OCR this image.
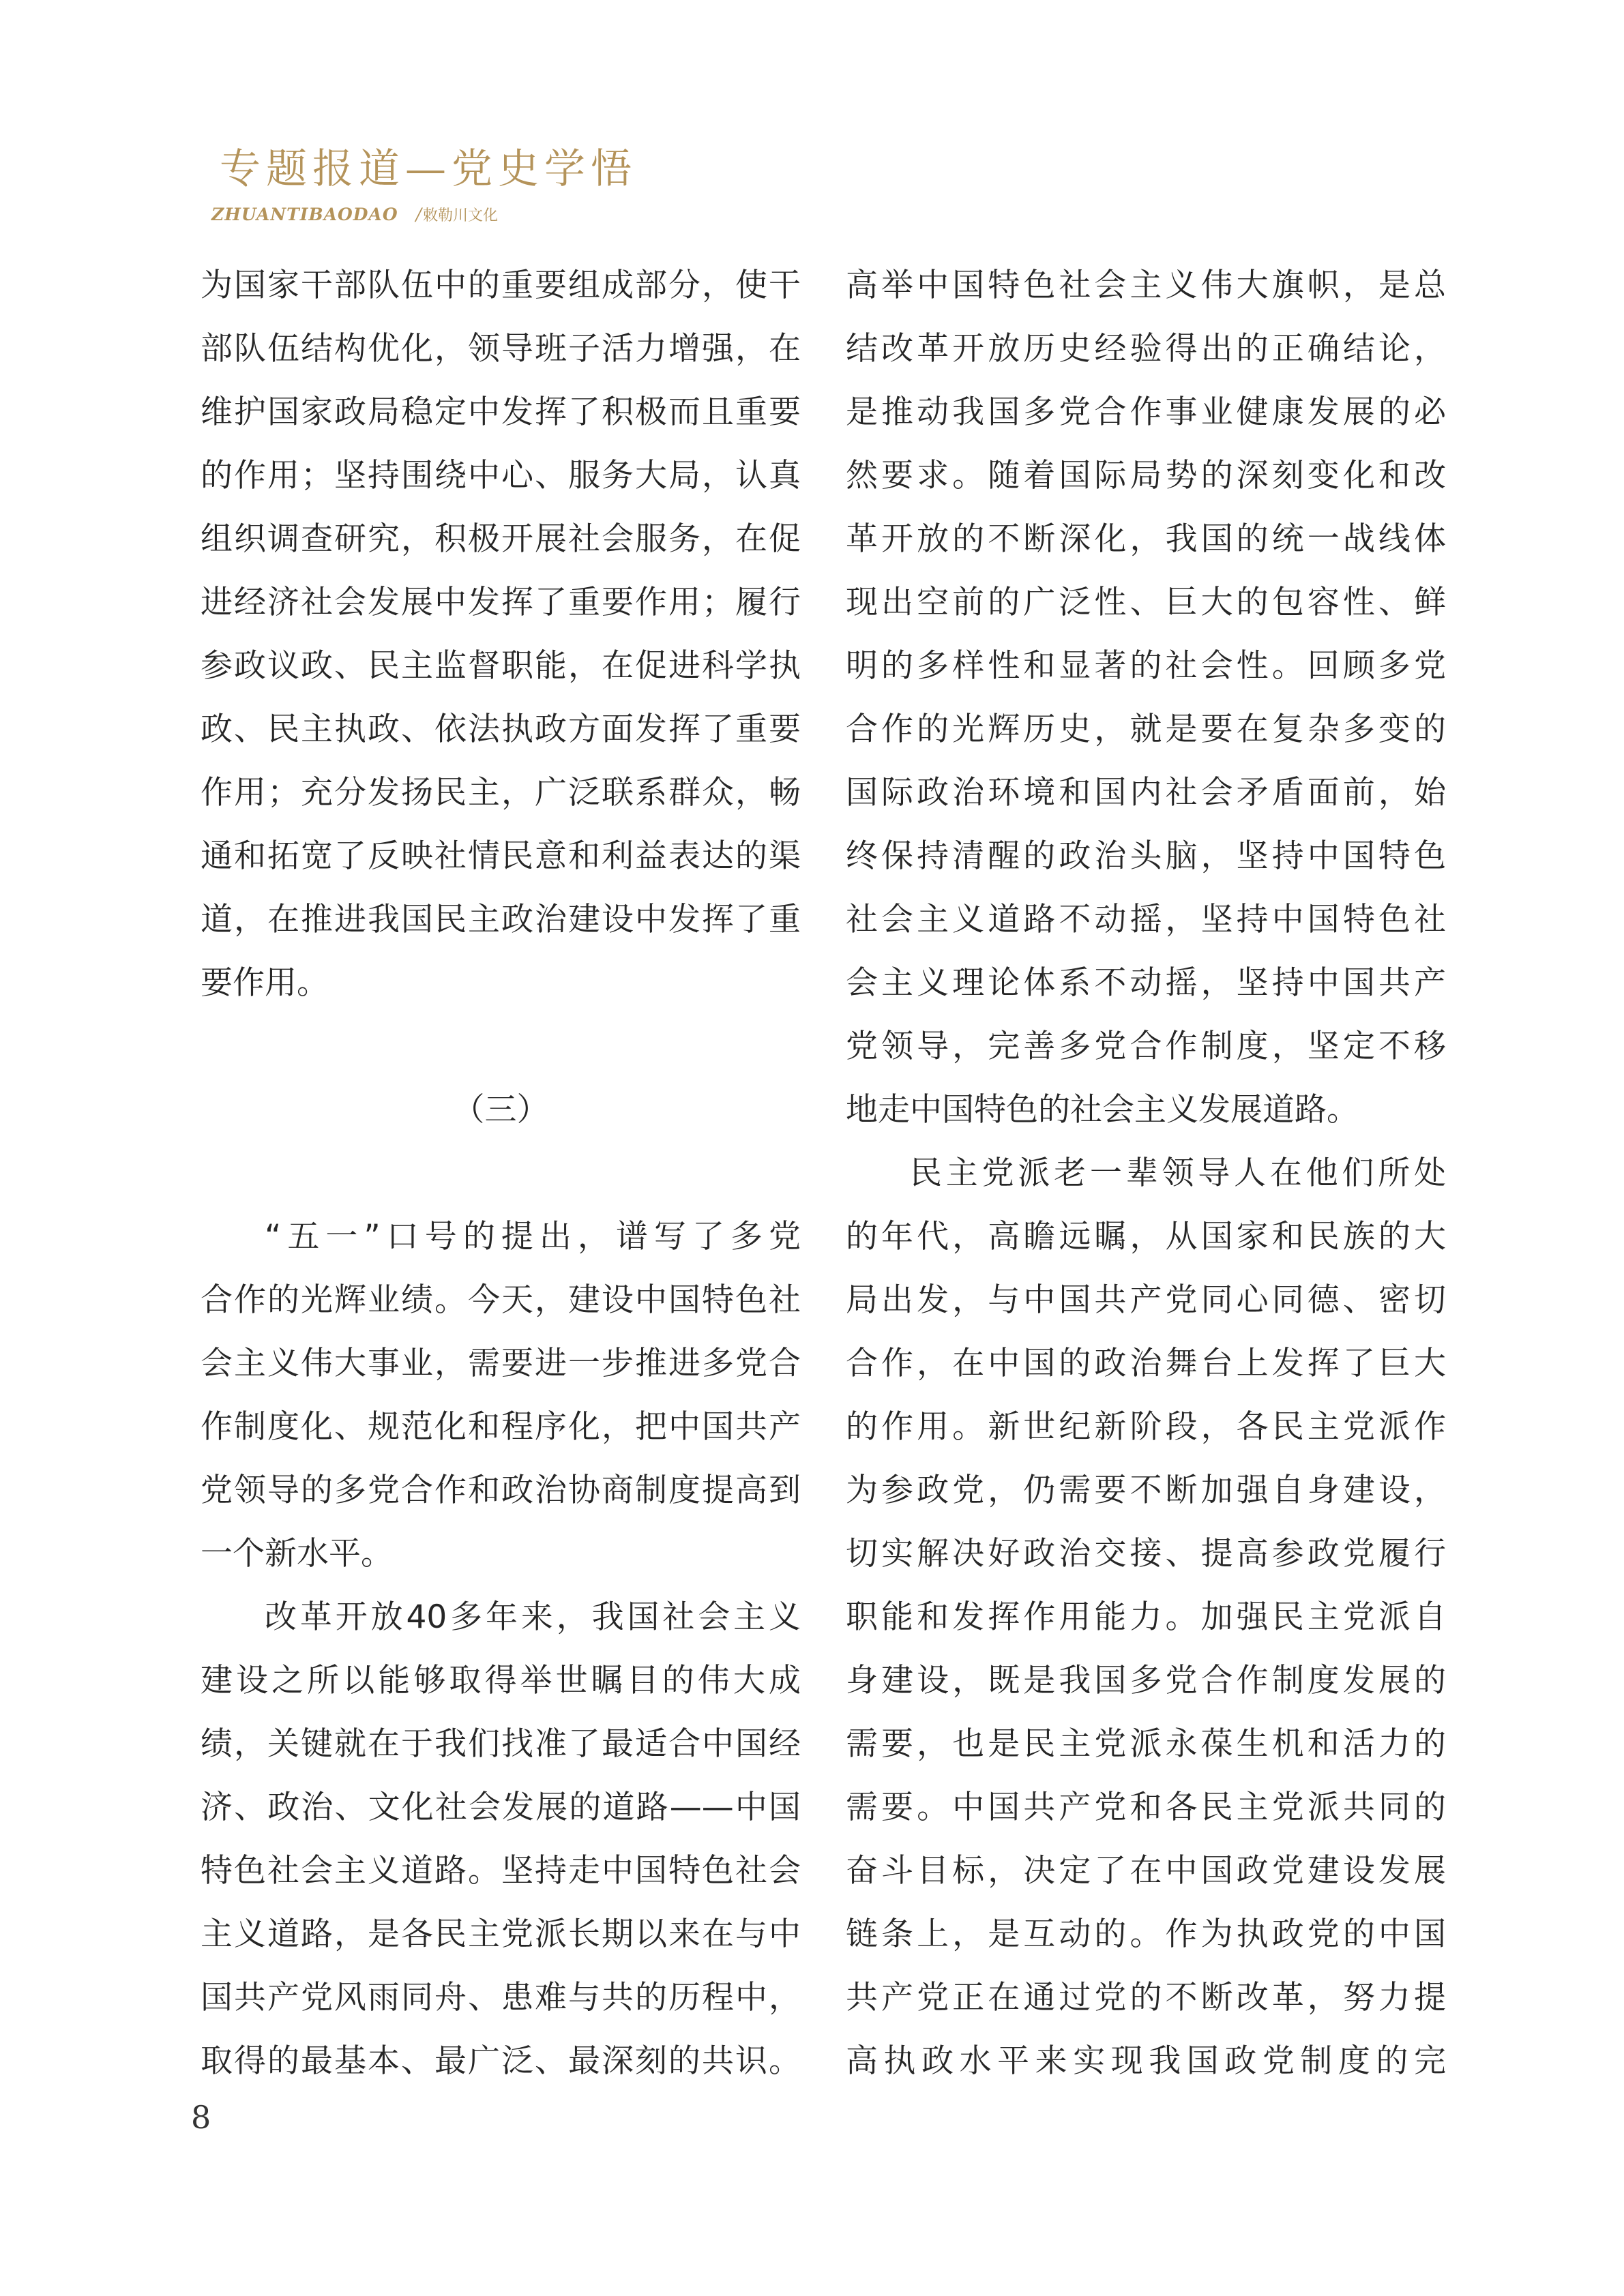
专题报道—党史学悟
ZHUANTIBAODAO /敕勒川文化
为国家干部队伍中的重要组成部分，使干
部队伍结构优化，领导班子活力增强，在
维护国家政局稳定中发挥了积极而且重要
的作用；坚持围绕中心、服务大局，认真
组织调查研究，积极开展社会服务，在促
进经济社会发展中发挥了重要作用；履行
参政议政、民主监督职能，在促进科学执
政、民主执政、依法执政方面发挥了重要
作用；充分发扬民主，广泛联系群众，畅
通和拓宽了反映社情民意和利益表达的渠
道，在推进我国民主政治建设中发挥了重
要作用。
（三）
“五一”口号的提出，谱写了多党
合作的光辉业绩。今天，建设中国特色社
会主义伟大事业，需要进一步推进多党合
作制度化、规范化和程序化，把中国共产
党领导的多党合作和政治协商制度提高到
一个新水平。
改革开放40多年来，我国社会主义
建设之所以能够取得举世瞩目的伟大成
绩，关键就在于我们找准了最适合中国经
济、政治、文化社会发展的道路——中国
特色社会主义道路。坚持走中国特色社会
主义道路，是各民主党派长期以来在与中
国共产党风雨同舟、患难与共的历程中，
取得的最基本、最广泛、最深刻的共识。
高举中国特色社会主义伟大旗帜，是总
结改革开放历史经验得出的正确结论，
是推动我国多党合作事业健康发展的必
然要求。随着国际局势的深刻变化和改
革开放的不断深化，我国的统一战线体
现出空前的广泛性、巨大的包容性、鲜
明的多样性和显著的社会性。回顾多党
合作的光辉历史，就是要在复杂多变的
国际政治环境和国内社会矛盾面前，始
终保持清醒的政治头脑，坚持中国特色
社会主义道路不动摇，坚持中国特色社
会主义理论体系不动摇，坚持中国共产
党领导，完善多党合作制度，坚定不移
地走中国特色的社会主义发展道路。
民主党派老一辈领导人在他们所处
的年代，高瞻远瞩，从国家和民族的大
局出发，与中国共产党同心同德、密切
合作，在中国的政治舞台上发挥了巨大
的作用。新世纪新阶段，各民主党派作
为参政党，仍需要不断加强自身建设，
切实解决好政治交接、提高参政党履行
职能和发挥作用能力。加强民主党派自
身建设，既是我国多党合作制度发展的
需要，也是民主党派永葆生机和活力的
需要。中国共产党和各民主党派共同的
奋斗目标，决定了在中国政党建设发展
链条上，是互动的。作为执政党的中国
共产党正在通过党的不断改革，努力提
高执政水平来实现我国政党制度的完
8
